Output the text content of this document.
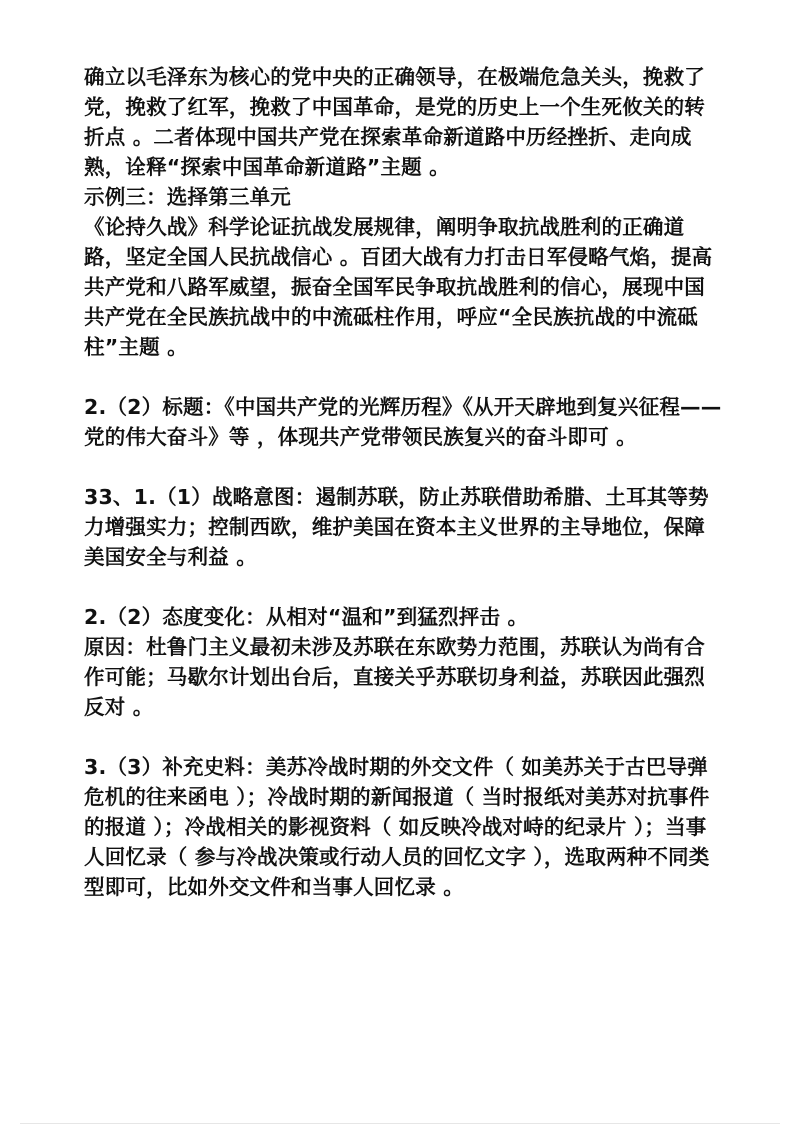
确立以毛泽东为核心的党中央的正确领导，在极端危急关头，挽救了党，挽救了红军，挽救了中国革命，是党的历史上一个生死攸关的转折点 。二者体现中国共产党在探索革命新道路中历经挫折、走向成熟，诠释“探索中国革命新道路”主题 。

示例三：选择第三单元

《论持久战》科学论证抗战发展规律，阐明争取抗战胜利的正确道路，坚定全国人民抗战信心 。百团大战有力打击日军侵略气焰，提高共产党和八路军威望，振奋全国军民争取抗战胜利的信心，展现中国共产党在全民族抗战中的中流砥柱作用，呼应“全民族抗战的中流砥柱”主题 。

2.（2）标题：《中国共产党的光辉历程》《从开天辟地到复兴征程——党的伟大奋斗》等 ，体现共产党带领民族复兴的奋斗即可 。

33、1.（1）战略意图：遏制苏联，防止苏联借助希腊、土耳其等势力增强实力；控制西欧，维护美国在资本主义世界的主导地位，保障美国安全与利益 。

2.（2）态度变化：从相对“温和”到猛烈抨击 。

原因：杜鲁门主义最初未涉及苏联在东欧势力范围，苏联认为尚有合作可能；马歇尔计划出台后，直接关乎苏联切身利益，苏联因此强烈反对 。

3.（3）补充史料：美苏冷战时期的外交文件（ 如美苏关于古巴导弹危机的往来函电 ）；冷战时期的新闻报道（ 当时报纸对美苏对抗事件的报道 ）；冷战相关的影视资料（ 如反映冷战对峙的纪录片 ）；当事人回忆录（ 参与冷战决策或行动人员的回忆文字 ），选取两种不同类型即可，比如外交文件和当事人回忆录 。
